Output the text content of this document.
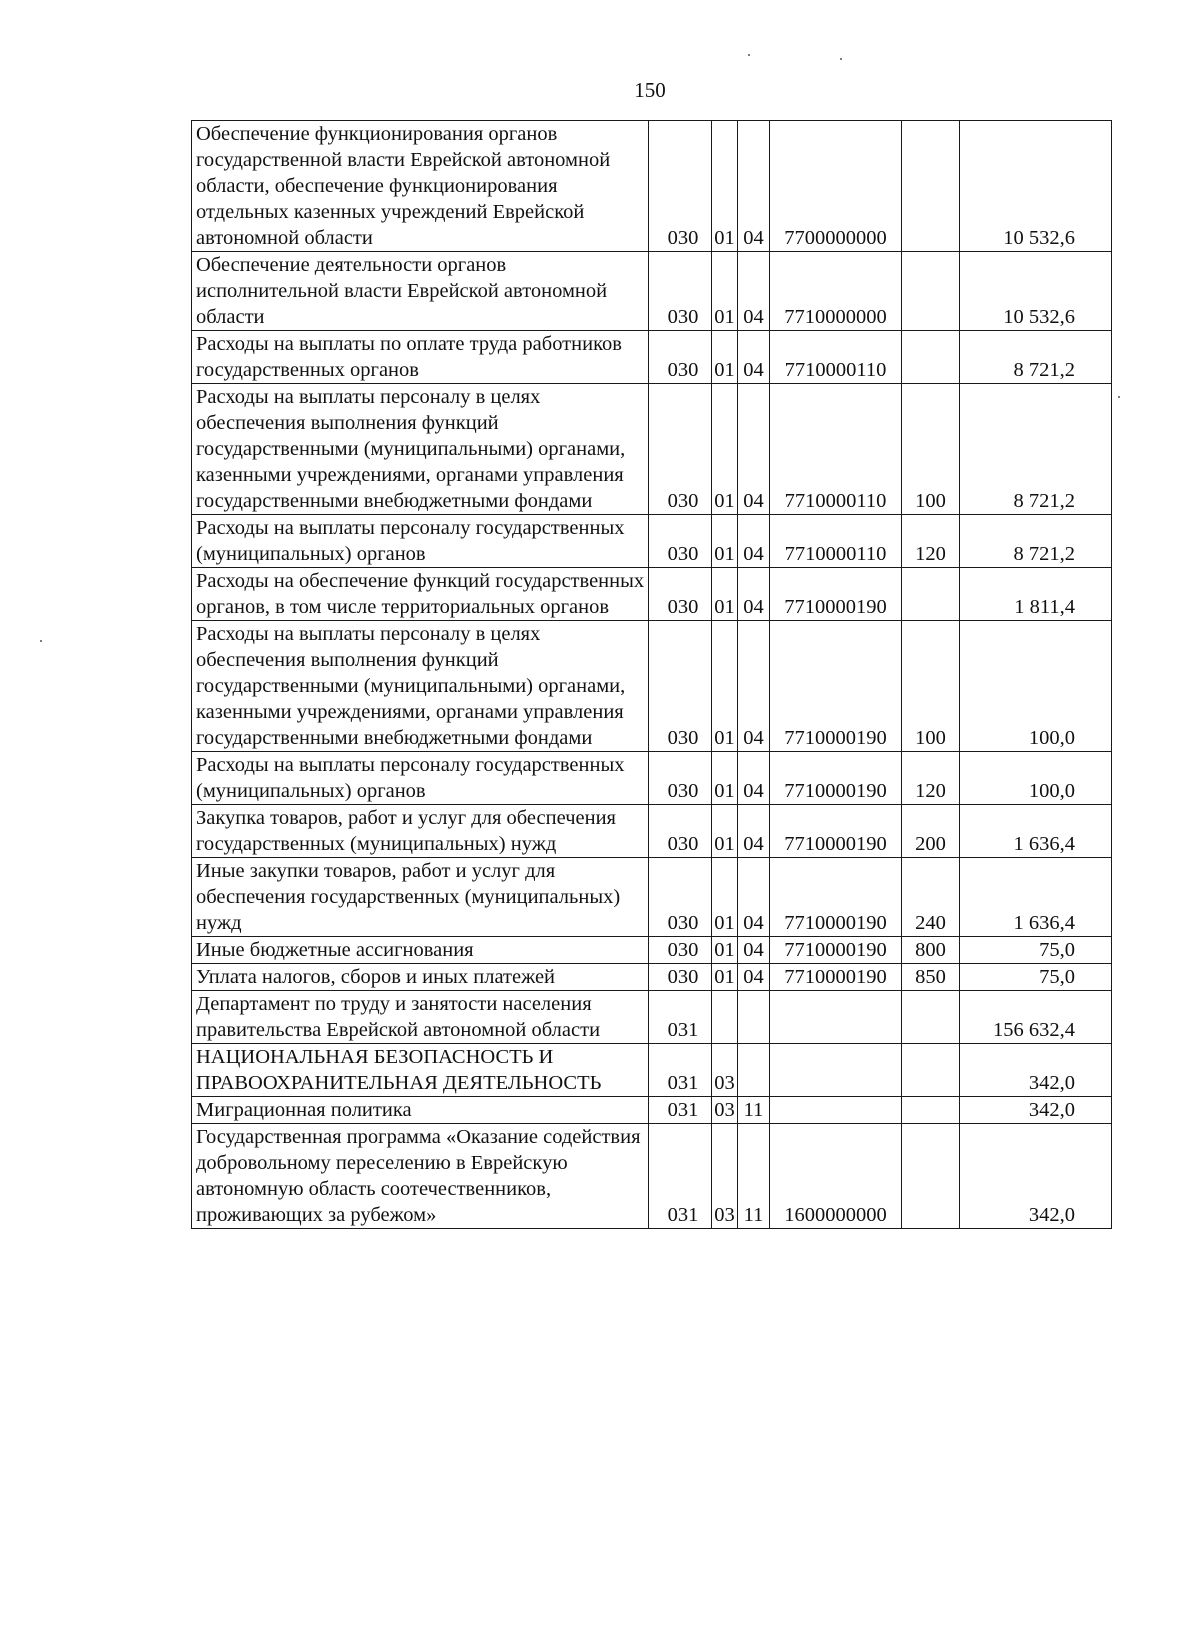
150
Обеспечение функционирования органов государственной власти Еврейской автономной области, обеспечение функционирования отдельных казенных учреждений Еврейской автономной области	030	01	04	7700000000		10 532,6
Обеспечение деятельности органов исполнительной власти Еврейской автономной области	030	01	04	7710000000		10 532,6
Расходы на выплаты по оплате труда работников государственных органов	030	01	04	7710000110		8 721,2
Расходы на выплаты персоналу в целях обеспечения выполнения функций государственными (муниципальными) органами, казенными учреждениями, органами управления государственными внебюджетными фондами	030	01	04	7710000110	100	8 721,2
Расходы на выплаты персоналу государственных (муниципальных) органов	030	01	04	7710000110	120	8 721,2
Расходы на обеспечение функций государственных органов, в том числе территориальных органов	030	01	04	7710000190		1 811,4
Расходы на выплаты персоналу в целях обеспечения выполнения функций государственными (муниципальными) органами, казенными учреждениями, органами управления государственными внебюджетными фондами	030	01	04	7710000190	100	100,0
Расходы на выплаты персоналу государственных (муниципальных) органов	030	01	04	7710000190	120	100,0
Закупка товаров, работ и услуг для обеспечения государственных (муниципальных) нужд	030	01	04	7710000190	200	1 636,4
Иные закупки товаров, работ и услуг для обеспечения государственных (муниципальных) нужд	030	01	04	7710000190	240	1 636,4
Иные бюджетные ассигнования	030	01	04	7710000190	800	75,0
Уплата налогов, сборов и иных платежей	030	01	04	7710000190	850	75,0
Департамент по труду и занятости населения правительства Еврейской автономной области	031					156 632,4
НАЦИОНАЛЬНАЯ БЕЗОПАСНОСТЬ И ПРАВООХРАНИТЕЛЬНАЯ ДЕЯТЕЛЬНОСТЬ	031	03				342,0
Миграционная политика	031	03	11			342,0
Государственная программа «Оказание содействия добровольному переселению в Еврейскую автономную область соотечественников, проживающих за рубежом»	031	03	11	1600000000		342,0
